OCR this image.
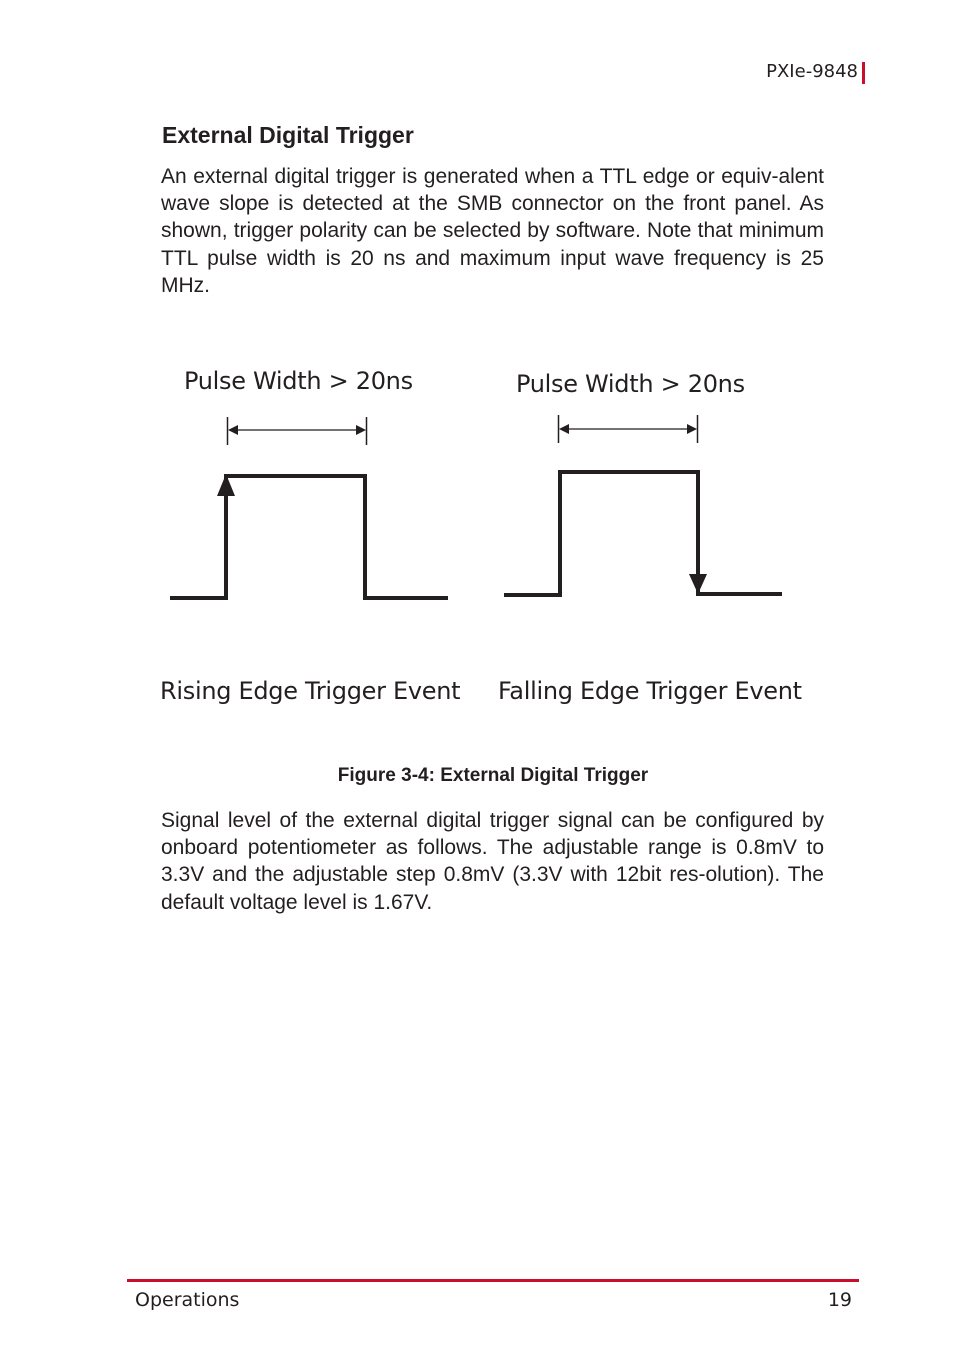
PXIe-9848
External Digital Trigger

An external digital trigger is generated when a TTL edge or equiv-alent wave slope is detected at the SMB connector on the front panel. As shown, trigger polarity can be selected by software. Note that minimum TTL pulse width is 20 ns and maximum input wave frequency is 25 MHz.

Pulse Width > 20ns	Pulse Width > 20ns
Rising Edge Trigger Event Falling Edge Trigger Event
Figure 3-4: External Digital Trigger

Signal level of the external digital trigger signal can be configured by onboard potentiometer as follows. The adjustable range is 0.8mV to 3.3V and the adjustable step 0.8mV (3.3V with 12bit res-olution). The default voltage level is 1.67V.

Operations	19
